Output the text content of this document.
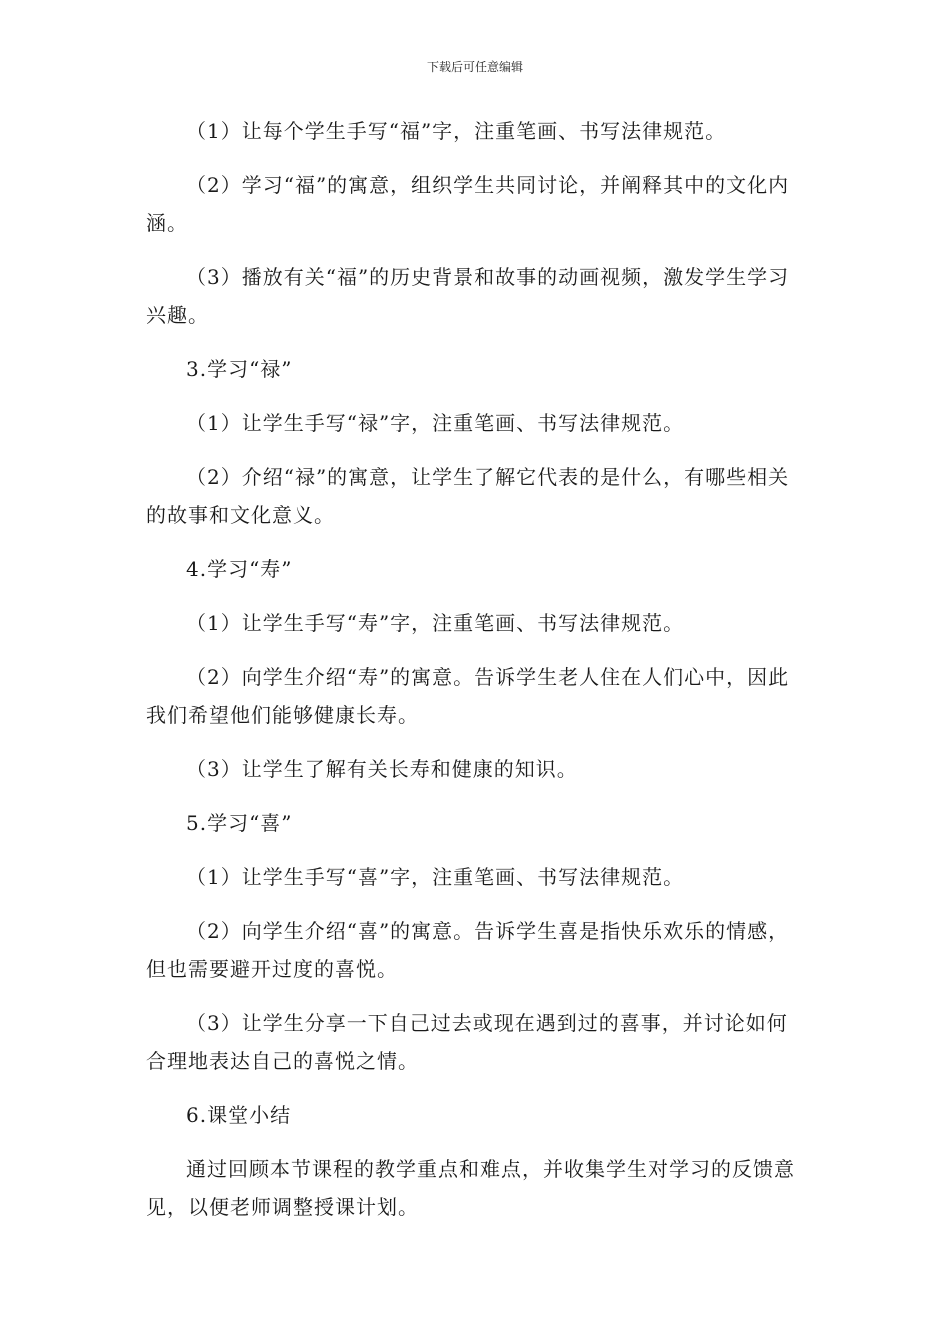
下载后可任意编辑

（1）让每个学生手写“福”字，注重笔画、书写法律规范。

（2）学习“福”的寓意，组织学生共同讨论，并阐释其中的文化内涵。

（3）播放有关“福”的历史背景和故事的动画视频，激发学生学习兴趣。

3.学习“禄”

（1）让学生手写“禄”字，注重笔画、书写法律规范。

（2）介绍“禄”的寓意，让学生了解它代表的是什么，有哪些相关的故事和文化意义。

4.学习“寿”

（1）让学生手写“寿”字，注重笔画、书写法律规范。

（2）向学生介绍“寿”的寓意。告诉学生老人住在人们心中，因此我们希望他们能够健康长寿。

（3）让学生了解有关长寿和健康的知识。

5.学习“喜”

（1）让学生手写“喜”字，注重笔画、书写法律规范。

（2）向学生介绍“喜”的寓意。告诉学生喜是指快乐欢乐的情感，但也需要避开过度的喜悦。

（3）让学生分享一下自己过去或现在遇到过的喜事，并讨论如何合理地表达自己的喜悦之情。

6.课堂小结

通过回顾本节课程的教学重点和难点，并收集学生对学习的反馈意见，以便老师调整授课计划。
